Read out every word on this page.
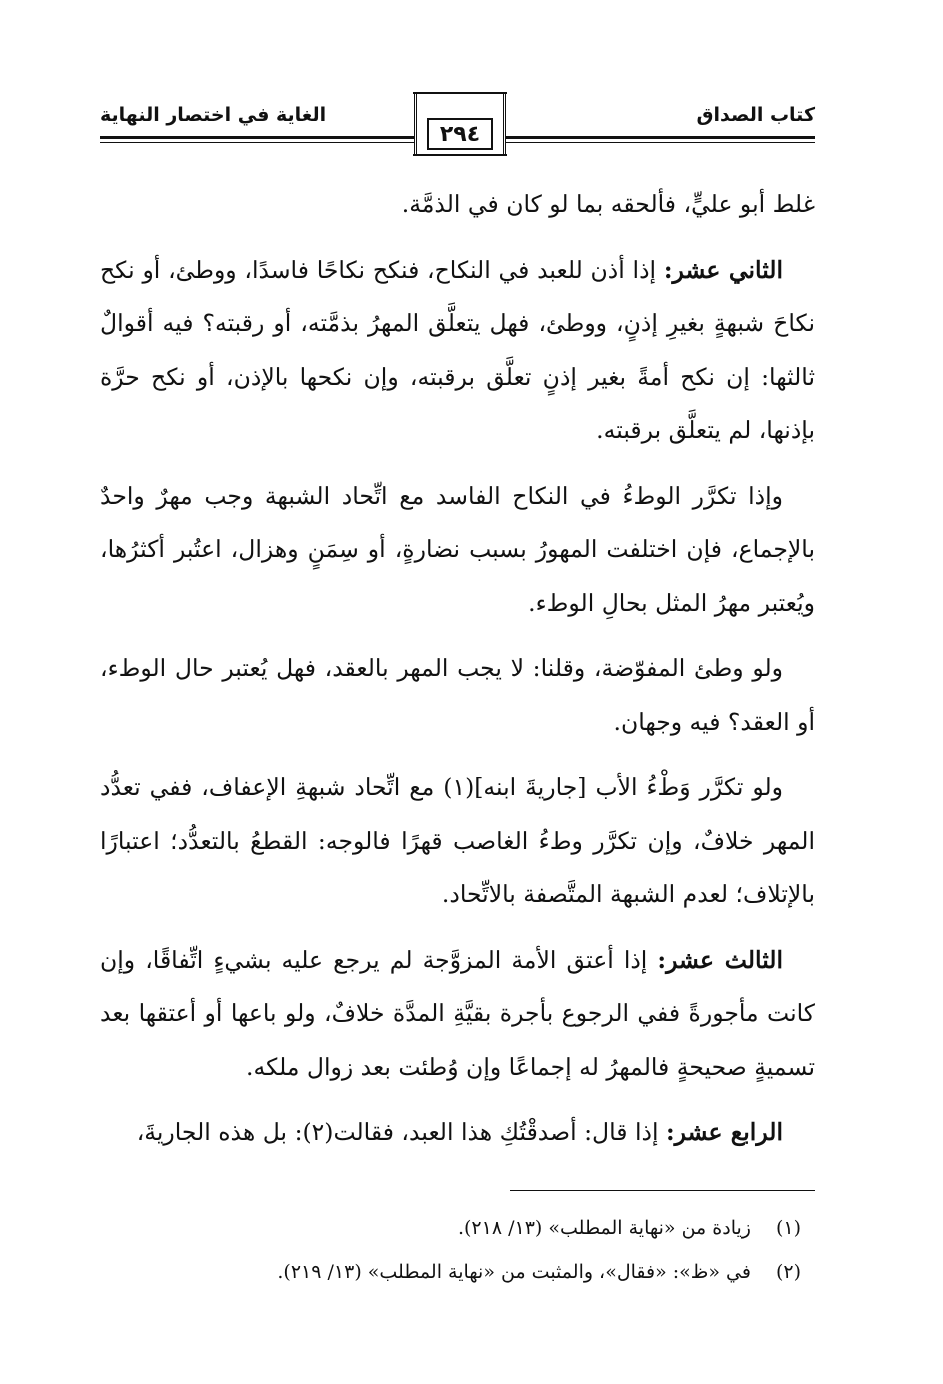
كتاب الصداق
الغاية في اختصار النهاية
٢٩٤

غلط أبو عليٍّ، فألحقه بما لو كان في الذمَّة.

الثاني عشر: إذا أذن للعبد في النكاح، فنكح نكاحًا فاسدًا، ووطئ، أو نكح نكاحَ شبهةٍ بغيرِ إذنٍ، ووطئ، فهل يتعلَّق المهرُ بذمَّته، أو رقبته؟ فيه أقوالٌ ثالثها: إن نكح أمةً بغير إذنٍ تعلَّق برقبته، وإن نكحها بالإذن، أو نكح حرَّة بإذنها، لم يتعلَّق برقبته.

وإذا تكرَّر الوطءُ في النكاح الفاسد مع اتِّحاد الشبهة وجب مهرٌ واحدٌ بالإجماع، فإن اختلفت المهورُ بسبب نضارةٍ، أو سِمَنٍ وهزال، اعتُبر أكثرُها، ويُعتبر مهرُ المثل بحالِ الوطء.

ولو وطئ المفوّضة، وقلنا: لا يجب المهر بالعقد، فهل يُعتبر حال الوطء، أو العقد؟ فيه وجهان.

ولو تكرَّر وَطْءُ الأب [جاريةَ ابنه](١) مع اتِّحاد شبهةِ الإعفاف، ففي تعدُّد المهر خلافٌ، وإن تكرَّر وطءُ الغاصب قهرًا فالوجه: القطعُ بالتعدُّد؛ اعتبارًا بالإتلاف؛ لعدم الشبهة المتَّصفة بالاتِّحاد.

الثالث عشر: إذا أعتق الأمة المزوَّجة لم يرجع عليه بشيءٍ اتِّفاقًا، وإن كانت مأجورةً ففي الرجوع بأجرة بقيَّةِ المدَّة خلافٌ، ولو باعها أو أعتقها بعد تسميةٍ صحيحةٍ فالمهرُ له إجماعًا وإن وُطئت بعد زوال ملكه.

الرابع عشر: إذا قال: أصدقْتُكِ هذا العبد، فقالت(٢): بل هذه الجاريةَ،

(١) زيادة من «نهاية المطلب» (١٣/ ٢١٨).
(٢) في «ظ»: «فقال»، والمثبت من «نهاية المطلب» (١٣/ ٢١٩).
